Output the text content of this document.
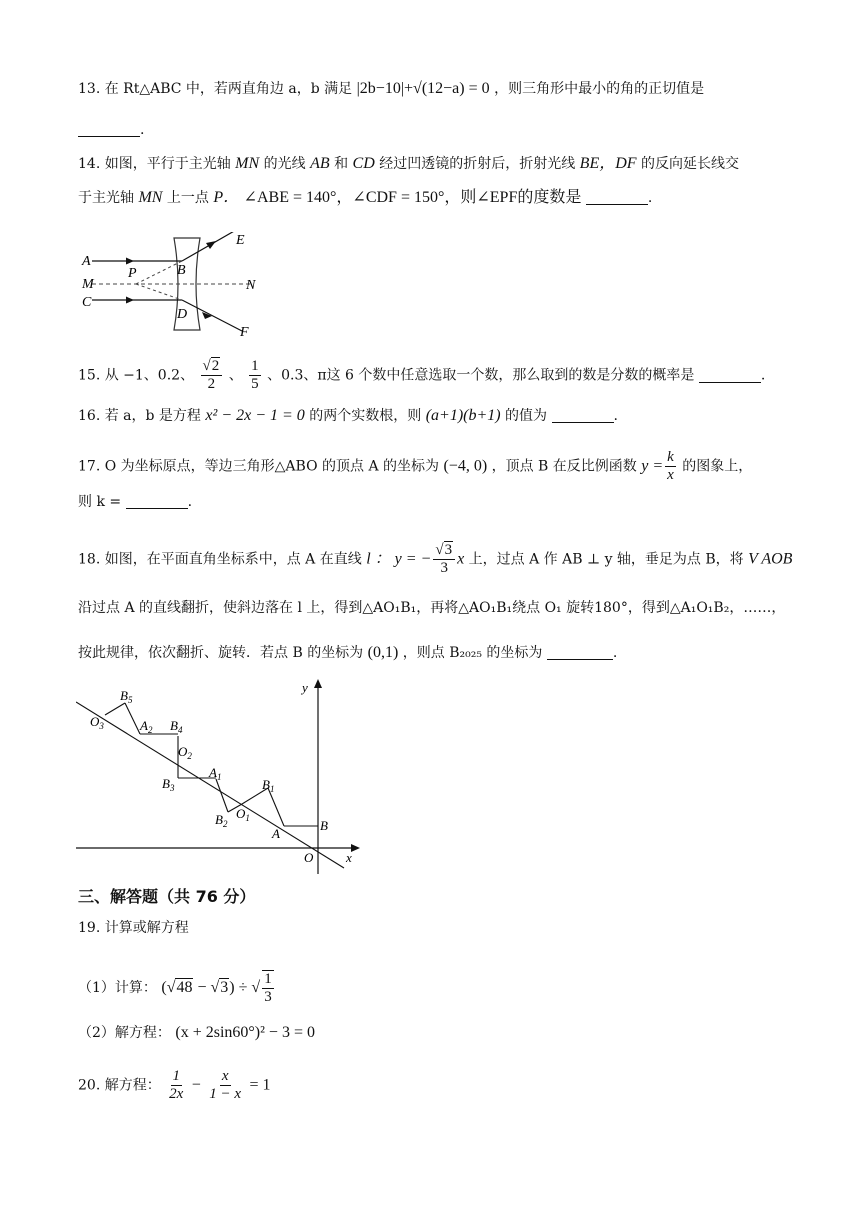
13. 在 Rt△ABC 中，若两直角边 a，b 满足 |2b−10|+√(12−a) = 0 ，则三角形中最小的角的正切值是
.
14. 如图，平行于主光轴 MN 的光线 AB 和 CD 经过凹透镜的折射后，折射光线 BE，DF 的反向延长线交
于主光轴 MN 上一点 P． ∠ABE = 140°，∠CDF = 150°，则∠EPF的度数是	.
A
M
C
P	B
D
E
F
N
15. 从 −1、0.2、 $\frac{√2}{2}$ 、 $\frac{1}{5}$ 、0.3、π这 6 个数中任意选取一个数，那么取到的数是分数的概率是	.
16. 若 a，b 是方程 x² − 2x − 1 = 0 的两个实数根，则 (a+1)(b+1) 的值为	.
17. O 为坐标原点，等边三角形△ABO 的顶点 A 的坐标为 (−4, 0) ，顶点 B 在反比例函数 $y = \frac{k}{x}$ 的图象上，
则 k =	.
18. 如图，在平面直角坐标系中，点 A 在直线 l ： y = − $\frac{√3}{3}$ x 上，过点 A 作 AB ⊥ y 轴，垂足为点 B，将 V AOB
沿过点 A 的直线翻折，使斜边落在 l 上，得到△AO₁B₁，再将△AO₁B₁绕点 O₁ 旋转180°，得到△A₁O₁B₂，……，
按此规律，依次翻折、旋转．若点 B 的坐标为 (0,1) ，则点 B₂₀₂₅ 的坐标为	.
$B_5$
$O_3$	$A_2$ $B_4$
$O_2$
$A_1$	$B_1$
$B_3$
$B_2$
$O_1$
A
B
O	x
y
三、解答题（共 76 分）
19. 计算或解方程
（1）计算： (√48 − √3) ÷ √ $\frac{1}{3}$
（2）解方程： (x + 2sin60°)² − 3 = 0
20. 解方程： $\frac{1}{2x} - \frac{x}{1 - x} = 1$
